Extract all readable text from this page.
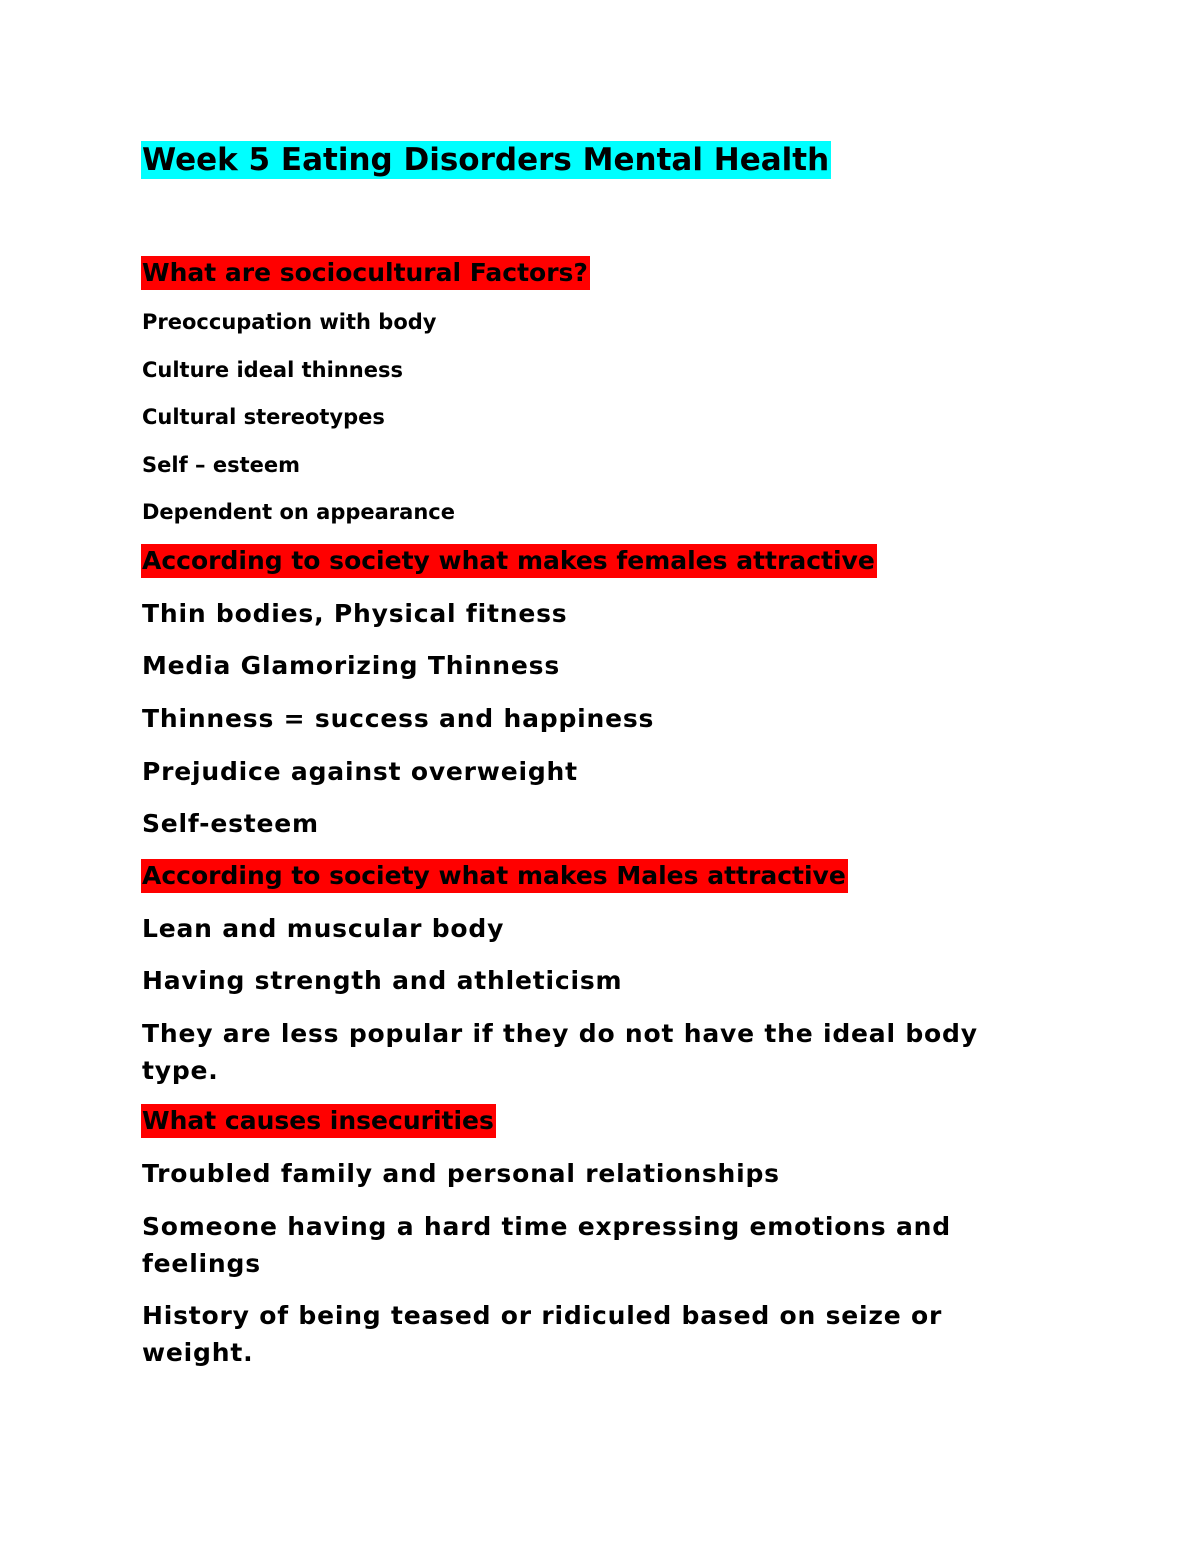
Week 5 Eating Disorders Mental Health
What are sociocultural Factors?

Preoccupation with body

Culture ideal thinness

Cultural stereotypes

Self – esteem

Dependent on appearance

According to society what makes females attractive

Thin bodies, Physical fitness

Media Glamorizing Thinness

Thinness = success and happiness

Prejudice against overweight

Self-esteem

According to society what makes Males attractive

Lean and muscular body

Having strength and athleticism

They are less popular if they do not have the ideal body type.

What causes insecurities

Troubled family and personal relationships

Someone having a hard time expressing emotions and feelings

History of being teased or ridiculed based on seize or weight.
